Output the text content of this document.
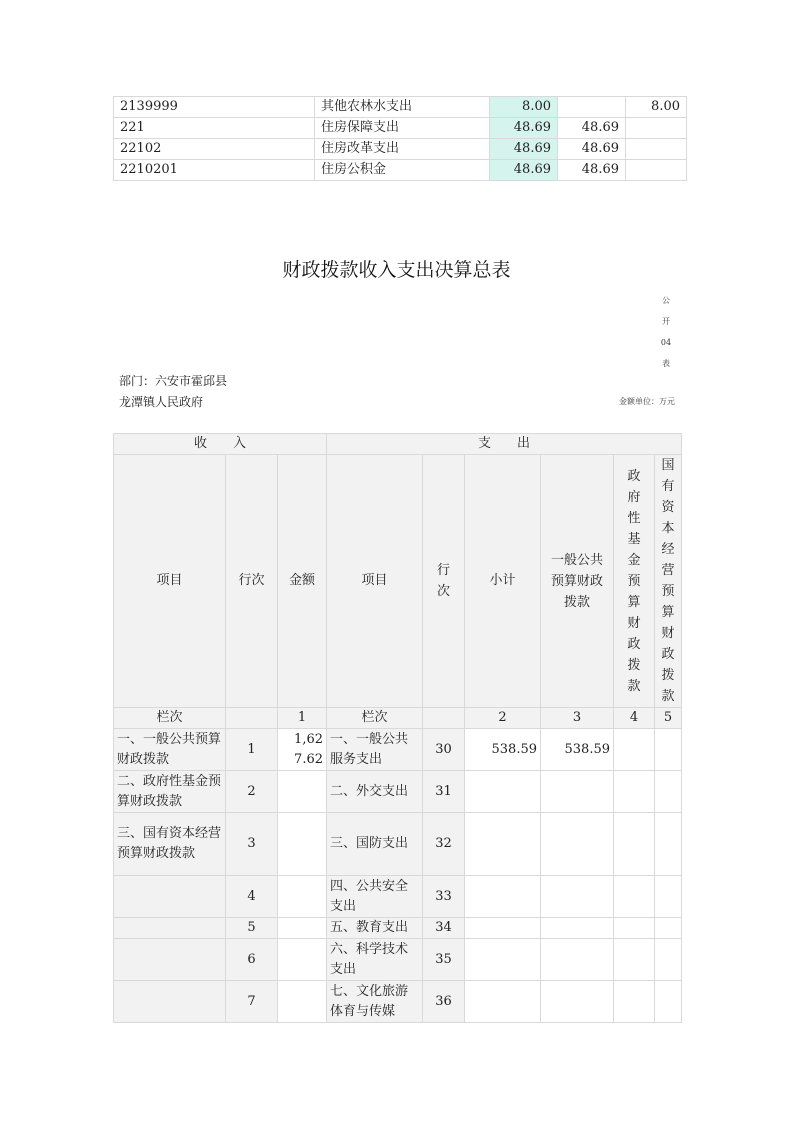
2139999	其他农林水支出	8.00		8.00
221	住房保障支出	48.69	48.69	
22102	住房改革支出	48.69	48.69	
2210201	住房公积金	48.69	48.69	
财政拨款收入支出决算总表
公
开
04
表
部门：六安市霍邱县龙潭镇人民政府	金额单位：万元
收　　入			支　　出					
项目	行次	金额	项目	行次	小计	一般公共预算财政拨款	政府性基金预算财政拨款	国有资本经营预算财政拨款

栏次		1	栏次		2	3	4	5
一、一般公共预算财政拨款	1	1,627.62	一、一般公共服务支出	30	538.59	538.59		
二、政府性基金预算财政拨款	2		二、外交支出	31				
三、国有资本经营预算财政拨款	3		三、国防支出	32				
	4		四、公共安全支出	33				
	5		五、教育支出	34				
	6		六、科学技术支出	35				
	7		七、文化旅游体育与传媒	36				
